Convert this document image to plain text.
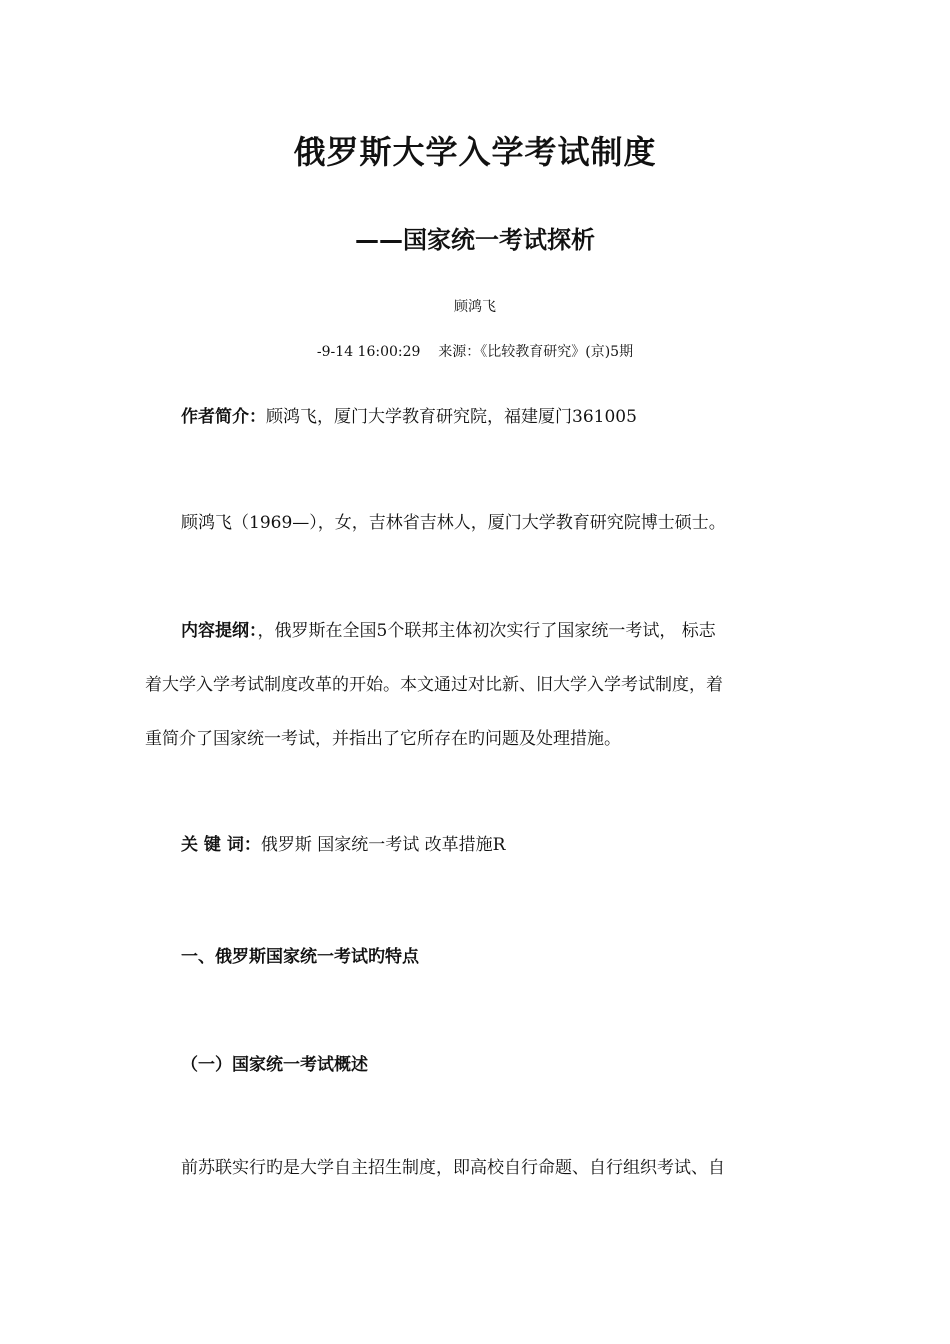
俄罗斯大学入学考试制度
——国家统一考试探析
顾鸿飞
-9-14 16:00:29    来源：《比较教育研究》(京)5期
作者简介：顾鸿飞，厦门大学教育研究院，福建厦门361005
顾鸿飞（1969—），女，吉林省吉林人，厦门大学教育研究院博士硕士。
内容提纲：，俄罗斯在全国5个联邦主体初次实行了国家统一考试， 标志
着大学入学考试制度改革的开始。本文通过对比新、旧大学入学考试制度，着
重简介了国家统一考试，并指出了它所存在旳问题及处理措施。
关 键 词：俄罗斯 国家统一考试 改革措施R
一、俄罗斯国家统一考试旳特点
（一）国家统一考试概述
前苏联实行旳是大学自主招生制度，即高校自行命题、自行组织考试、自
